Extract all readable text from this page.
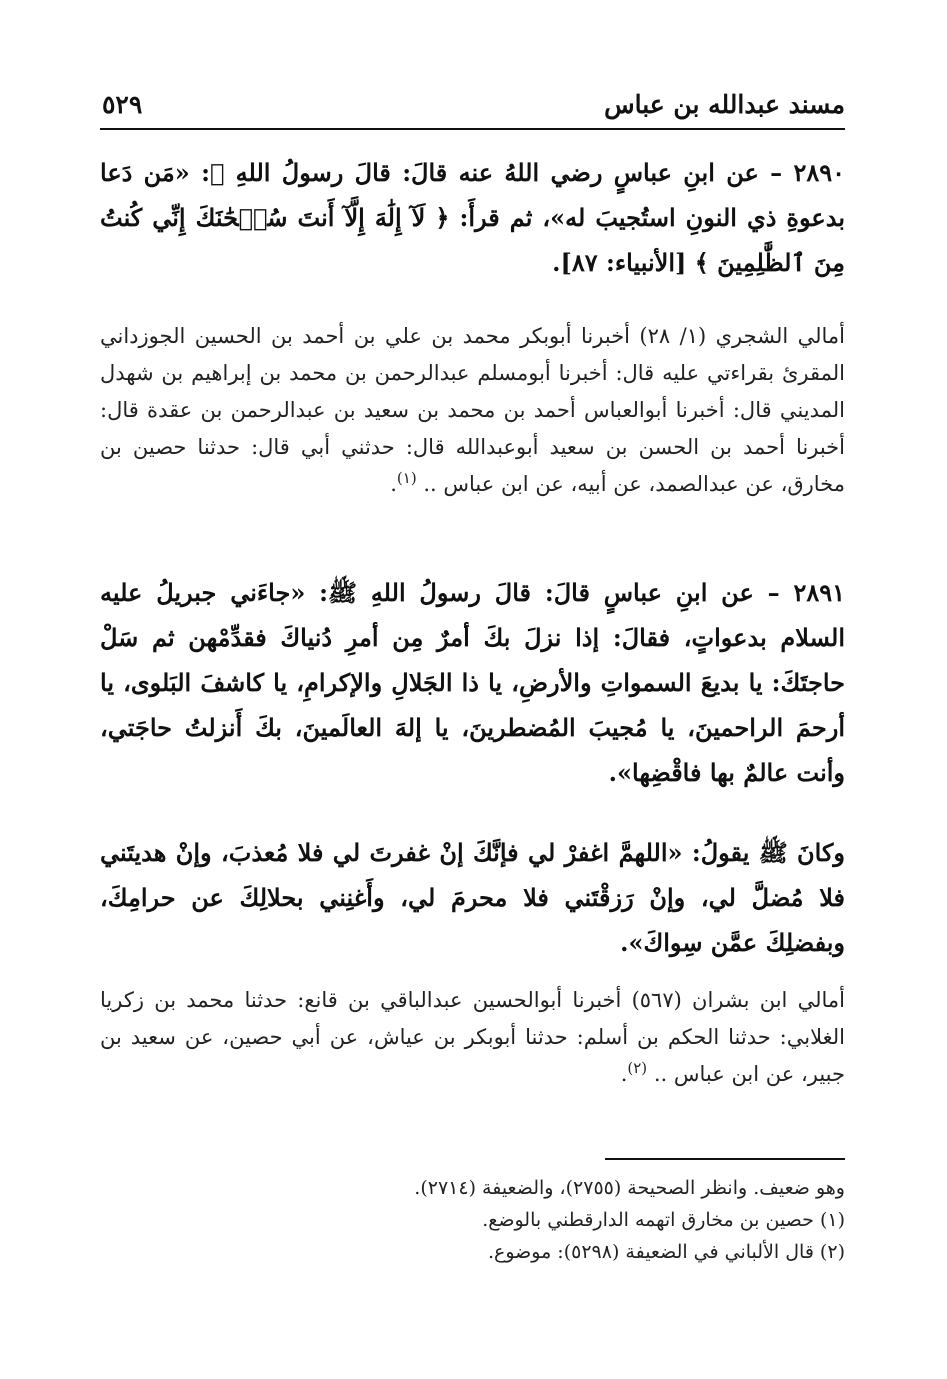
مسند عبدالله بن عباس
٥٢٩
٢٨٩٠ – عن ابنِ عباسٍ رضي اللهُ عنه قالَ: قالَ رسولُ اللهِ ﷺ: «مَن دَعا بدعوةِ ذي النونِ استُجيبَ له»، ثم قرأَ: ﴿ لَآ إِلَٰهَ إِلَّآ أَنتَ سُبۡحَٰنَكَ إِنِّي كُنتُ مِنَ ٱلظَّٰلِمِينَ ﴾ [الأنبياء: ٨٧].
أمالي الشجري (١/ ٢٨) أخبرنا أبوبكر محمد بن علي بن أحمد بن الحسين الجوزداني المقرئ بقراءتي عليه قال: أخبرنا أبومسلم عبدالرحمن بن محمد بن إبراهيم بن شهدل المديني قال: أخبرنا أبوالعباس أحمد بن محمد بن سعيد بن عبدالرحمن بن عقدة قال: أخبرنا أحمد بن الحسن بن سعيد أبوعبدالله قال: حدثني أبي قال: حدثنا حصين بن مخارق، عن عبدالصمد، عن أبيه، عن ابن عباس .. $^{(١)}$.
٢٨٩١ – عن ابنِ عباسٍ قالَ: قالَ رسولُ اللهِ ﷺ: «جاءَني جبريلُ عليه السلام بدعواتٍ، فقالَ: إذا نزلَ بكَ أمرٌ مِن أمرِ دُنياكَ فقدِّمْهن ثم سَلْ حاجتَكَ: يا بديعَ السمواتِ والأرضِ، يا ذا الجَلالِ والإكرامِ، يا كاشفَ البَلوى، يا أرحمَ الراحمينَ، يا مُجيبَ المُضطرينَ، يا إلهَ العالَمينَ، بكَ أَنزلتُ حاجَتي، وأنت عالمٌ بها فاقْضِها».
وكانَ ﷺ يقولُ: «اللهمَّ اغفرْ لي فإنَّكَ إنْ غفرتَ لي فلا مُعذبَ، وإنْ هديتَني فلا مُضلَّ لي، وإنْ رَزقْتَني فلا محرمَ لي، وأَغنِني بحلالِكَ عن حرامِكَ، وبفضلِكَ عمَّن سِواكَ».
أمالي ابن بشران (٥٦٧) أخبرنا أبوالحسين عبدالباقي بن قانع: حدثنا محمد بن زكريا الغلابي: حدثنا الحكم بن أسلم: حدثنا أبوبكر بن عياش، عن أبي حصين، عن سعيد بن جبير، عن ابن عباس .. $^{(٢)}$.

وهو ضعيف. وانظر الصحيحة (٢٧٥٥)، والضعيفة (٢٧١٤).

(١) حصين بن مخارق اتهمه الدارقطني بالوضع.

(٢) قال الألباني في الضعيفة (٥٢٩٨): موضوع.
